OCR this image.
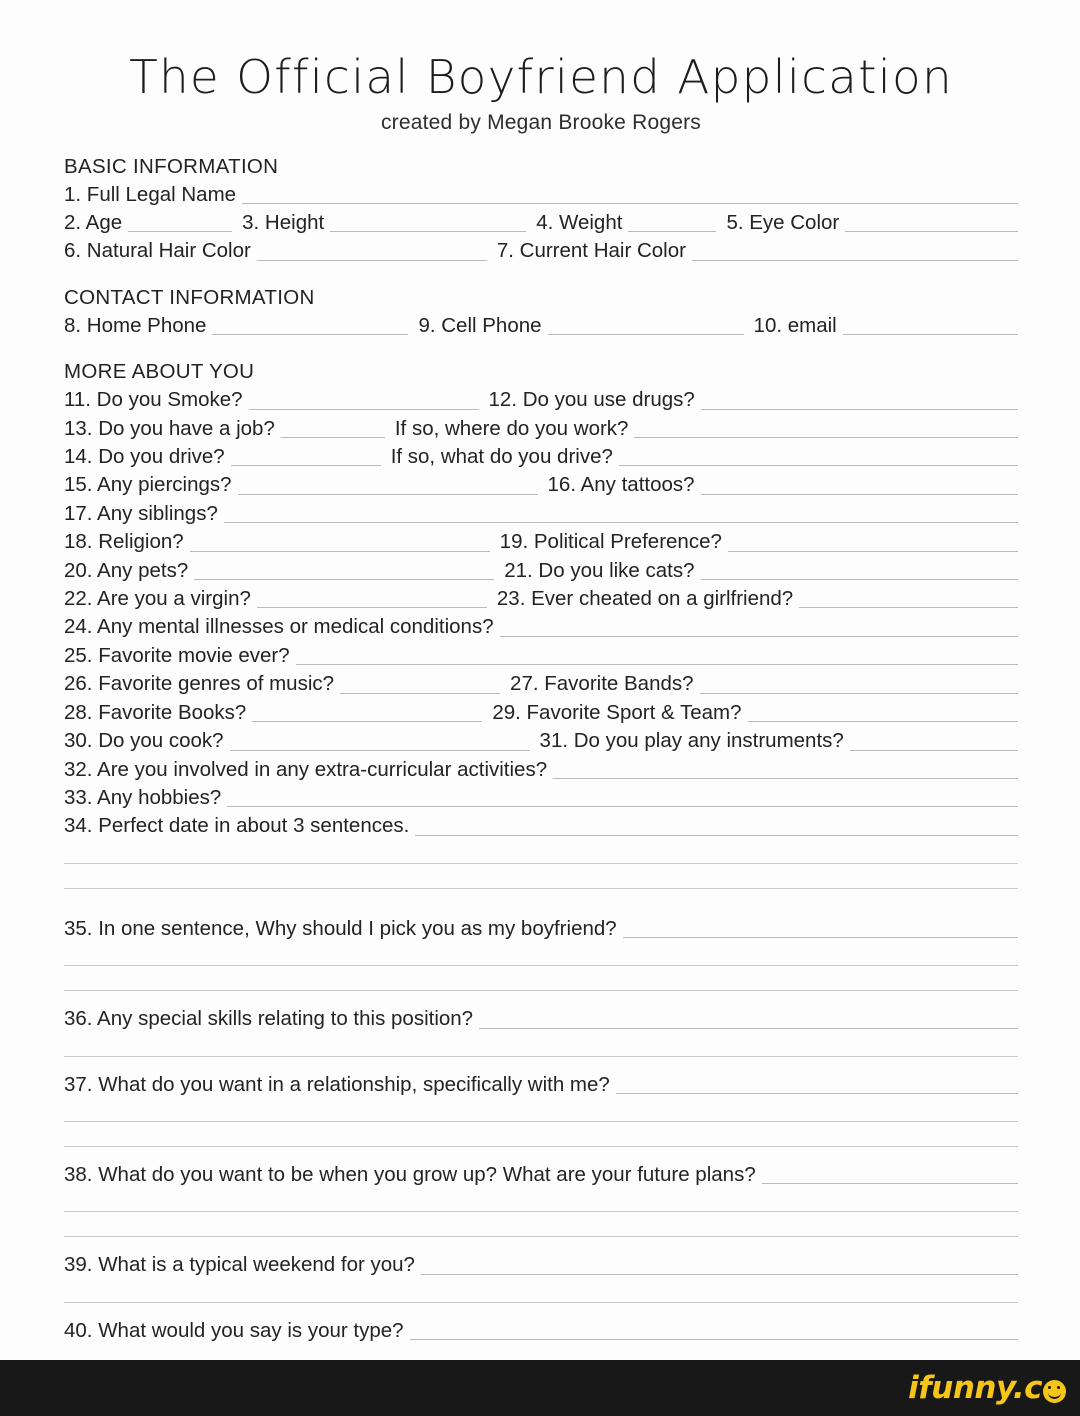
The Official Boyfriend Application
created by Megan Brooke Rogers
BASIC INFORMATION
1. Full Legal Name
2. Age	3. Height	4. Weight	5. Eye Color
6. Natural Hair Color	7. Current Hair Color
CONTACT INFORMATION
8. Home Phone	9. Cell Phone	10. email
MORE ABOUT YOU
11. Do you Smoke?	12. Do you use drugs?
13. Do you have a job?	If so, where do you work?
14. Do you drive?	If so, what do you drive?
15. Any piercings?	16. Any tattoos?
17. Any siblings?
18. Religion?	19. Political Preference?
20. Any pets?	21. Do you like cats?
22. Are you a virgin?	23. Ever cheated on a girlfriend?
24. Any mental illnesses or medical conditions?
25. Favorite movie ever?
26. Favorite genres of music?	27. Favorite Bands?
28. Favorite Books?	29. Favorite Sport & Team?
30. Do you cook?	31. Do you play any instruments?
32. Are you involved in any extra-curricular activities?
33. Any hobbies?
34. Perfect date in about 3 sentences.
35. In one sentence, Why should I pick you as my boyfriend?
36. Any special skills relating to this position?
37. What do you want in a relationship, specifically with me?
38. What do you want to be when you grow up? What are your future plans?
39. What is a typical weekend for you?
40. What would you say is your type?
ifunny.c
